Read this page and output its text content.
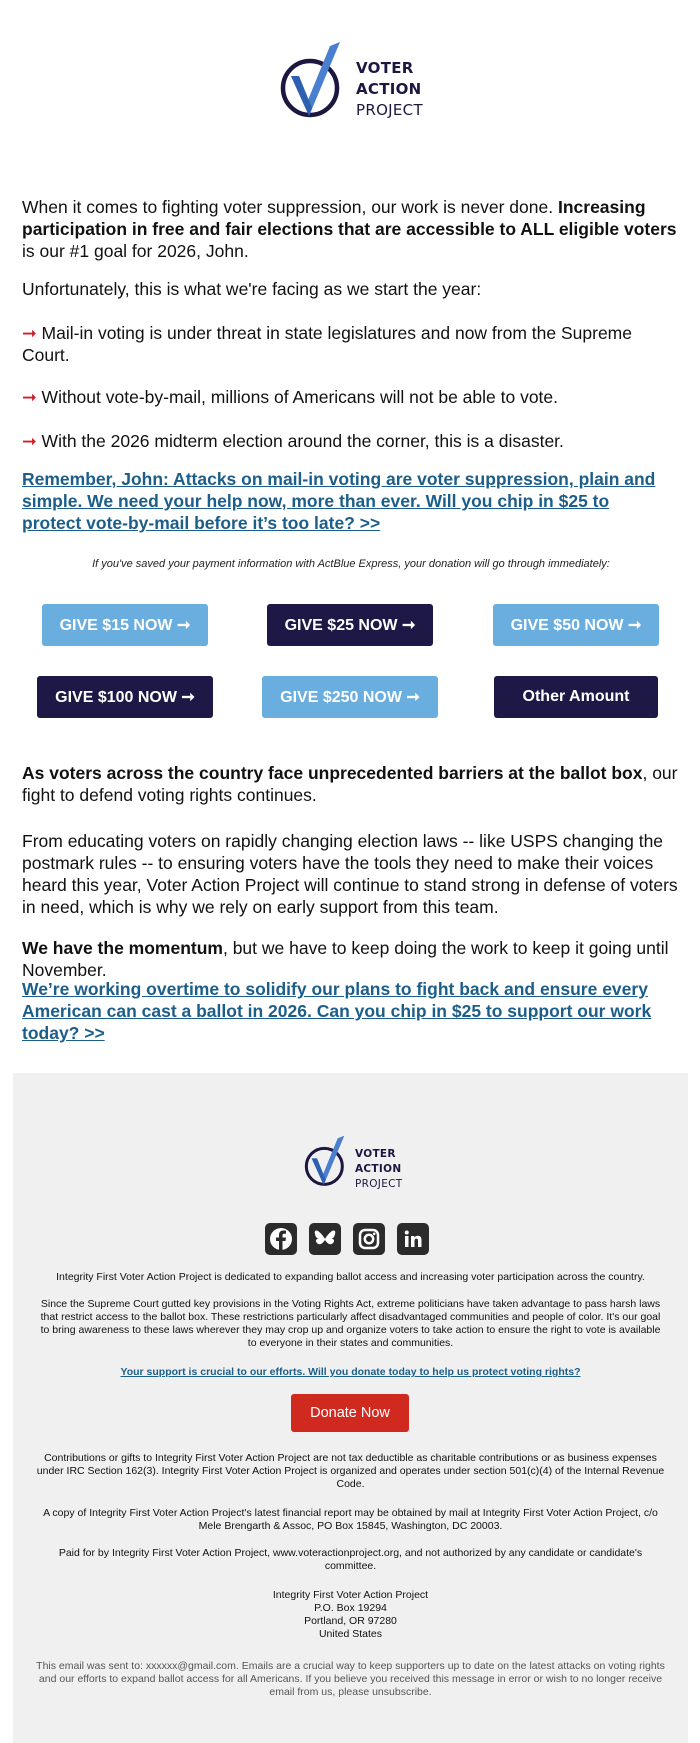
VOTER
ACTION
PROJECT

When it comes to fighting voter suppression, our work is never done. Increasing participation in free and fair elections that are accessible to ALL eligible voters is our #1 goal for 2026, John.

Unfortunately, this is what we're facing as we start the year:

➞ Mail-in voting is under threat in state legislatures and now from the Supreme Court.

➞ Without vote-by-mail, millions of Americans will not be able to vote.

➞ With the 2026 midterm election around the corner, this is a disaster.

Remember, John: Attacks on mail-in voting are voter suppression, plain and simple. We need your help now, more than ever. Will you chip in $25 to protect vote-by-mail before it’s too late? >>

If you've saved your payment information with ActBlue Express, your donation will go through immediately:

GIVE $15 NOW ➞	GIVE $25 NOW ➞	GIVE $50 NOW ➞
GIVE $100 NOW ➞	GIVE $250 NOW ➞	Other Amount

As voters across the country face unprecedented barriers at the ballot box, our fight to defend voting rights continues.

From educating voters on rapidly changing election laws -- like USPS changing the postmark rules -- to ensuring voters have the tools they need to make their voices heard this year, Voter Action Project will continue to stand strong in defense of voters in need, which is why we rely on early support from this team.

We have the momentum, but we have to keep doing the work to keep it going until November.

We’re working overtime to solidify our plans to fight back and ensure every American can cast a ballot in 2026. Can you chip in $25 to support our work today? >>
VOTER
ACTION
PROJECT

Integrity First Voter Action Project is dedicated to expanding ballot access and increasing voter participation across the country.

Since the Supreme Court gutted key provisions in the Voting Rights Act, extreme politicians have taken advantage to pass harsh laws that restrict access to the ballot box. These restrictions particularly affect disadvantaged communities and people of color. It's our goal to bring awareness to these laws wherever they may crop up and organize voters to take action to ensure the right to vote is available to everyone in their states and communities.

Your support is crucial to our efforts. Will you donate today to help us protect voting rights?

Donate Now

Contributions or gifts to Integrity First Voter Action Project are not tax deductible as charitable contributions or as business expenses under IRC Section 162(3). Integrity First Voter Action Project is organized and operates under section 501(c)(4) of the Internal Revenue Code.

A copy of Integrity First Voter Action Project's latest financial report may be obtained by mail at Integrity First Voter Action Project, c/o Mele Brengarth & Assoc, PO Box 15845, Washington, DC 20003.

Paid for by Integrity First Voter Action Project, www.voteractionproject.org, and not authorized by any candidate or candidate's committee.

Integrity First Voter Action Project
P.O. Box 19294
Portland, OR 97280
United States

This email was sent to: xxxxxx@gmail.com. Emails are a crucial way to keep supporters up to date on the latest attacks on voting rights and our efforts to expand ballot access for all Americans. If you believe you received this message in error or wish to no longer receive email from us, please unsubscribe.
